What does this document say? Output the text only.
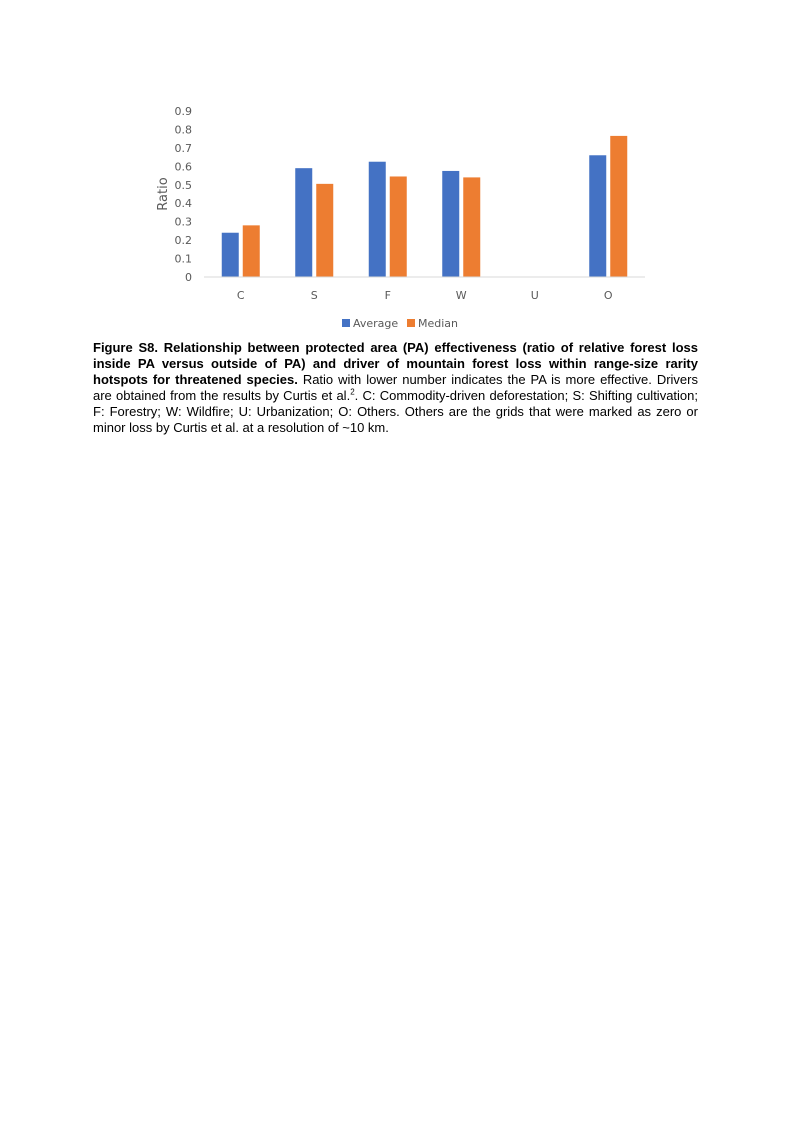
0
0.1
0.2
0.3
0.4
0.5
0.6
0.7
0.8
0.9
Ratio
C	S	F	W	U	O
Average Median

Figure S8. Relationship between protected area (PA) effectiveness (ratio of relative forest loss inside PA versus outside of PA) and driver of mountain forest loss within range-size rarity hotspots for threatened species. Ratio with lower number indicates the PA is more effective. Drivers are obtained from the results by Curtis et al.$^2$. C: Commodity-driven deforestation; S: Shifting cultivation; F: Forestry; W: Wildfire; U: Urbanization; O: Others. Others are the grids that were marked as zero or minor loss by Curtis et al. at a resolution of ~10 km.
